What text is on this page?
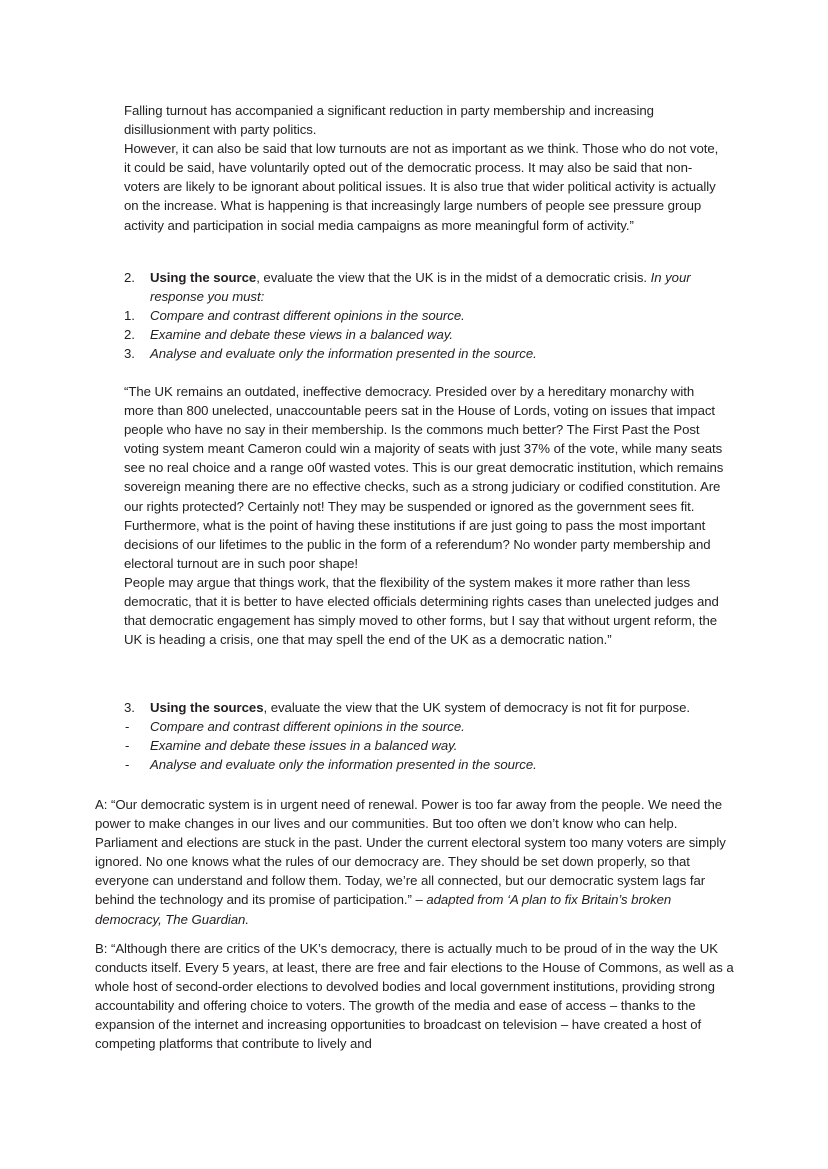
Falling turnout has accompanied a significant reduction in party membership and increasing disillusionment with party politics.

However, it can also be said that low turnouts are not as important as we think. Those who do not vote, it could be said, have voluntarily opted out of the democratic process. It may also be said that non-voters are likely to be ignorant about political issues. It is also true that wider political activity is actually on the increase. What is happening is that increasingly large numbers of people see pressure group activity and participation in social media campaigns as more meaningful form of activity.”

2.	Using the source, evaluate the view that the UK is in the midst of a democratic crisis. In your response you must:
1.	Compare and contrast different opinions in the source.
2.	Examine and debate these views in a balanced way.
3.	Analyse and evaluate only the information presented in the source.

“The UK remains an outdated, ineffective democracy. Presided over by a hereditary monarchy with more than 800 unelected, unaccountable peers sat in the House of Lords, voting on issues that impact people who have no say in their membership. Is the commons much better? The First Past the Post voting system meant Cameron could win a majority of seats with just 37% of the vote, while many seats see no real choice and a range o0f wasted votes. This is our great democratic institution, which remains sovereign meaning there are no effective checks, such as a strong judiciary or codified constitution. Are our rights protected? Certainly not! They may be suspended or ignored as the government sees fit. Furthermore, what is the point of having these institutions if are just going to pass the most important decisions of our lifetimes to the public in the form of a referendum? No wonder party membership and electoral turnout are in such poor shape!

People may argue that things work, that the flexibility of the system makes it more rather than less democratic, that it is better to have elected officials determining rights cases than unelected judges and that democratic engagement has simply moved to other forms, but I say that without urgent reform, the UK is heading a crisis, one that may spell the end of the UK as a democratic nation.”

3.	Using the sources, evaluate the view that the UK system of democracy is not fit for purpose.
-	Compare and contrast different opinions in the source.
-	Examine and debate these issues in a balanced way.
-	Analyse and evaluate only the information presented in the source.

A: “Our democratic system is in urgent need of renewal. Power is too far away from the people. We need the power to make changes in our lives and our communities. But too often we don’t know who can help. Parliament and elections are stuck in the past. Under the current electoral system too many voters are simply ignored. No one knows what the rules of our democracy are. They should be set down properly, so that everyone can understand and follow them. Today, we’re all connected, but our democratic system lags far behind the technology and its promise of participation.” – adapted from ‘A plan to fix Britain’s broken democracy, The Guardian.

B: “Although there are critics of the UK’s democracy, there is actually much to be proud of in the way the UK conducts itself. Every 5 years, at least, there are free and fair elections to the House of Commons, as well as a whole host of second-order elections to devolved bodies and local government institutions, providing strong accountability and offering choice to voters. The growth of the media and ease of access – thanks to the expansion of the internet and increasing opportunities to broadcast on television – have created a host of competing platforms that contribute to lively and
